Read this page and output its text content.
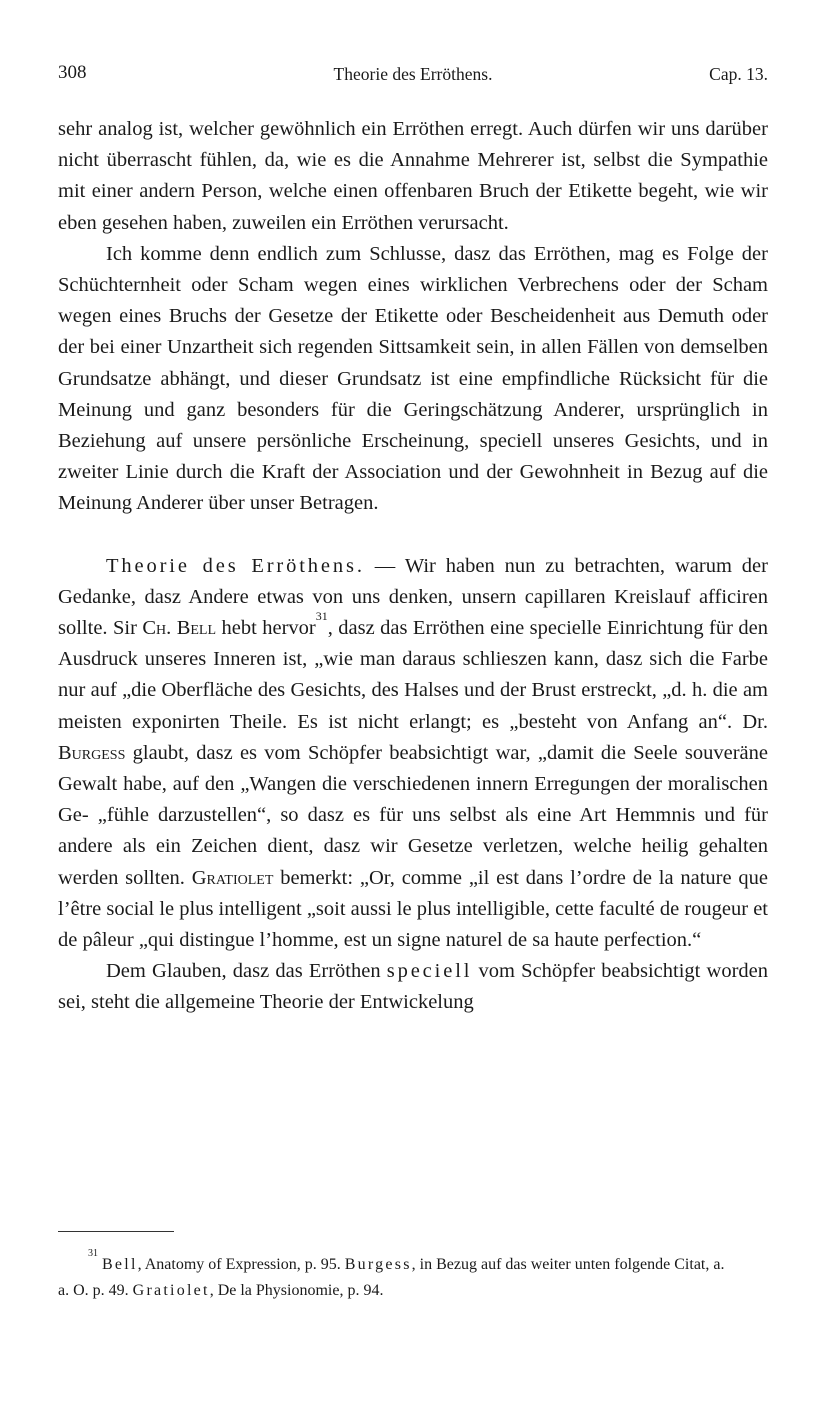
308	Theorie des Erröthens.	Cap. 13.

sehr analog ist, welcher gewöhnlich ein Erröthen erregt. Auch dürfen wir uns darüber nicht überrascht fühlen, da, wie es die Annahme Mehrerer ist, selbst die Sympathie mit einer andern Person, welche einen offenbaren Bruch der Etikette begeht, wie wir eben gesehen haben, zuweilen ein Erröthen verursacht.

Ich komme denn endlich zum Schlusse, dasz das Erröthen, mag es Folge der Schüchternheit oder Scham wegen eines wirklichen Verbrechens oder der Scham wegen eines Bruchs der Gesetze der Etikette oder Bescheidenheit aus Demuth oder der bei einer Unzartheit sich regenden Sittsamkeit sein, in allen Fällen von demselben Grundsatze abhängt, und dieser Grundsatz ist eine empfindliche Rücksicht für die Meinung und ganz besonders für die Geringschätzung Anderer, ursprünglich in Beziehung auf unsere persönliche Erscheinung, speciell unseres Gesichts, und in zweiter Linie durch die Kraft der Association und der Gewohnheit in Bezug auf die Meinung Anderer über unser Betragen.

Theorie des Erröthens. — Wir haben nun zu betrachten, warum der Gedanke, dasz Andere etwas von uns denken, unsern capillaren Kreislauf afficiren sollte. Sir Ch. Bell hebt hervor$^{31}$, dasz das Erröthen eine specielle Einrichtung für den Ausdruck unseres Inneren ist, „wie man daraus schlieszen kann, dasz sich die Farbe nur auf „die Oberfläche des Gesichts, des Halses und der Brust erstreckt, „d. h. die am meisten exponirten Theile. Es ist nicht erlangt; es „besteht von Anfang an“. Dr. Burgess glaubt, dasz es vom Schöpfer beabsichtigt war, „damit die Seele souveräne Gewalt habe, auf den „Wangen die verschiedenen innern Erregungen der moralischen Ge- „fühle darzustellen“, so dasz es für uns selbst als eine Art Hemmnis und für andere als ein Zeichen dient, dasz wir Gesetze verletzen, welche heilig gehalten werden sollten. Gratiolet bemerkt: „Or, comme „il est dans l’ordre de la nature que l’être social le plus intelligent „soit aussi le plus intelligible, cette faculté de rougeur et de pâleur „qui distingue l’homme, est un signe naturel de sa haute perfection.“

Dem Glauben, dasz das Erröthen speciell vom Schöpfer beabsichtigt worden sei, steht die allgemeine Theorie der Entwickelung

$^{31}$ Bell, Anatomy of Expression, p. 95. Burgess, in Bezug auf das weiter unten folgende Citat, a. a. O. p. 49. Gratiolet, De la Physionomie, p. 94.
